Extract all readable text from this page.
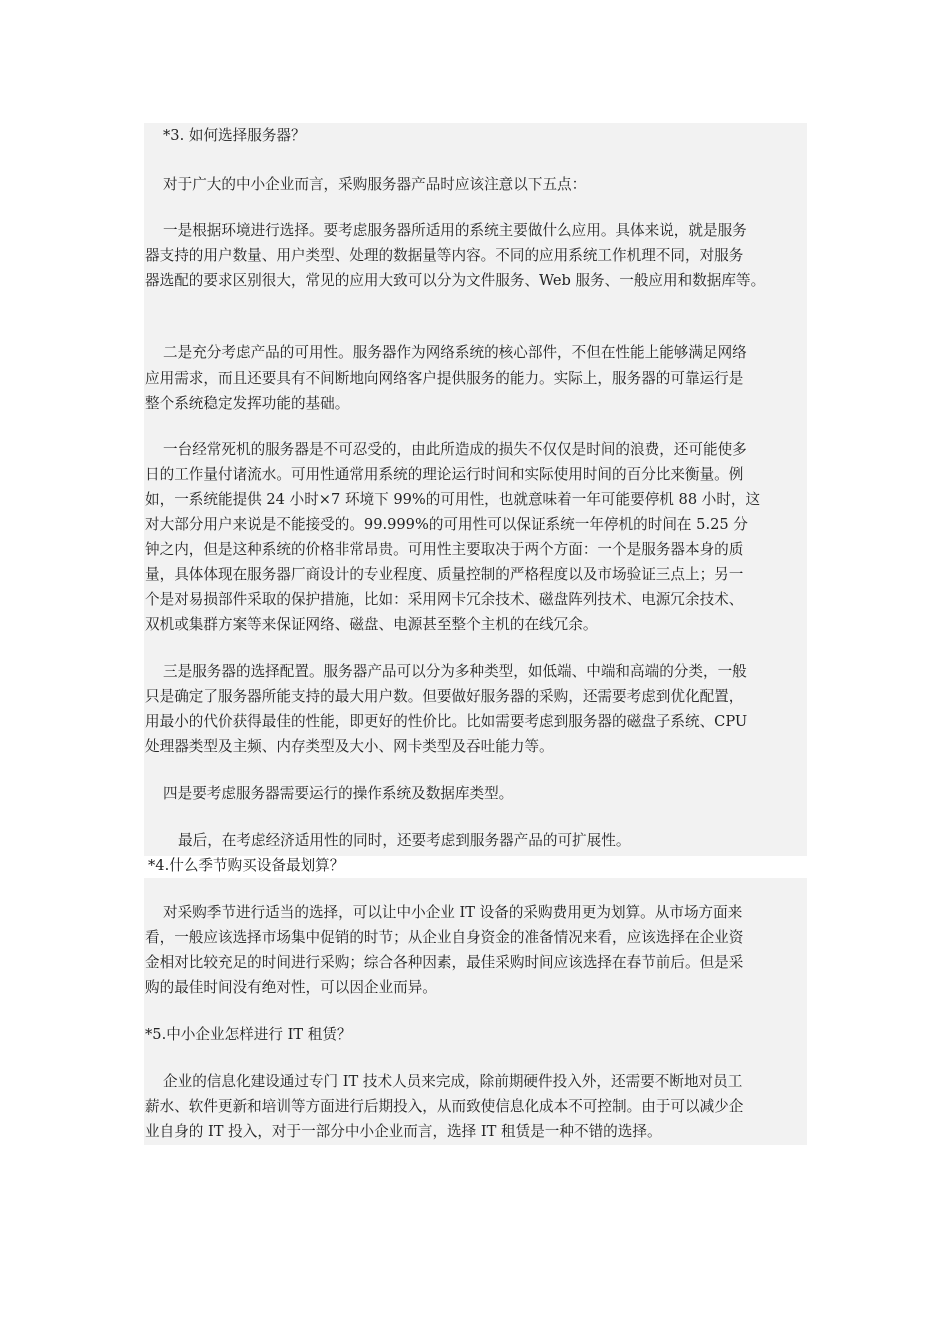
*3. 如何选择服务器？
对于广大的中小企业而言，采购服务器产品时应该注意以下五点：
一是根据环境进行选择。要考虑服务器所适用的系统主要做什么应用。具体来说，就是服务
器支持的用户数量、用户类型、处理的数据量等内容。不同的应用系统工作机理不同，对服务
器选配的要求区别很大，常见的应用大致可以分为文件服务、Web 服务、一般应用和数据库等。
二是充分考虑产品的可用性。服务器作为网络系统的核心部件，不但在性能上能够满足网络
应用需求，而且还要具有不间断地向网络客户提供服务的能力。实际上，服务器的可靠运行是
整个系统稳定发挥功能的基础。
一台经常死机的服务器是不可忍受的，由此所造成的损失不仅仅是时间的浪费，还可能使多
日的工作量付诸流水。可用性通常用系统的理论运行时间和实际使用时间的百分比来衡量。例
如，一系统能提供 24 小时×7 环境下 99%的可用性，也就意味着一年可能要停机 88 小时，这
对大部分用户来说是不能接受的。99.999%的可用性可以保证系统一年停机的时间在 5.25 分
钟之内，但是这种系统的价格非常昂贵。可用性主要取决于两个方面：一个是服务器本身的质
量，具体体现在服务器厂商设计的专业程度、质量控制的严格程度以及市场验证三点上；另一
个是对易损部件采取的保护措施，比如：采用网卡冗余技术、磁盘阵列技术、电源冗余技术、
双机或集群方案等来保证网络、磁盘、电源甚至整个主机的在线冗余。
三是服务器的选择配置。服务器产品可以分为多种类型，如低端、中端和高端的分类，一般
只是确定了服务器所能支持的最大用户数。但要做好服务器的采购，还需要考虑到优化配置，
用最小的代价获得最佳的性能，即更好的性价比。比如需要考虑到服务器的磁盘子系统、CPU
处理器类型及主频、内存类型及大小、网卡类型及吞吐能力等。
四是要考虑服务器需要运行的操作系统及数据库类型。
最后，在考虑经济适用性的同时，还要考虑到服务器产品的可扩展性。
*4.什么季节购买设备最划算？
对采购季节进行适当的选择，可以让中小企业 IT 设备的采购费用更为划算。从市场方面来
看，一般应该选择市场集中促销的时节；从企业自身资金的准备情况来看，应该选择在企业资
金相对比较充足的时间进行采购；综合各种因素，最佳采购时间应该选择在春节前后。但是采
购的最佳时间没有绝对性，可以因企业而异。
*5.中小企业怎样进行 IT 租赁？
企业的信息化建设通过专门 IT 技术人员来完成，除前期硬件投入外，还需要不断地对员工
薪水、软件更新和培训等方面进行后期投入，从而致使信息化成本不可控制。由于可以减少企
业自身的 IT 投入，对于一部分中小企业而言，选择 IT 租赁是一种不错的选择。
